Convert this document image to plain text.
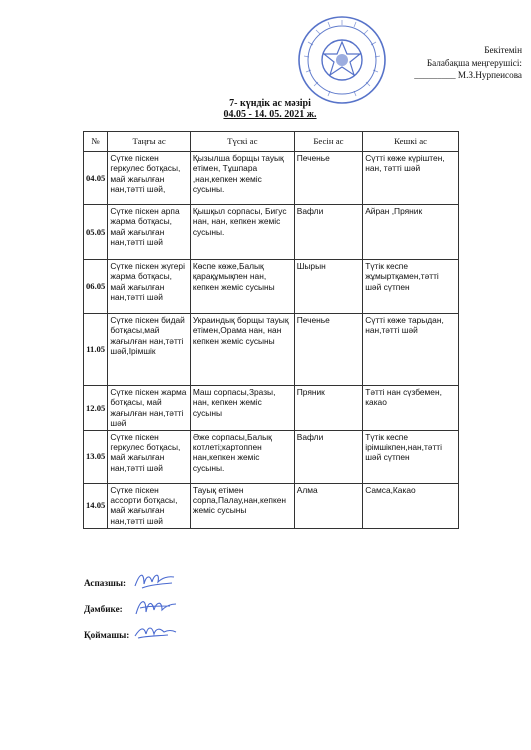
Бекітемін
Балабақша меңгерушісі:
_________ М.З.Нурпеисова
7- күндік ас мәзірі
04.05 - 14. 05. 2021 ж.
№	Таңғы ас	Түскі ас	Бесін ас	Кешкі ас
04.05	Сүтке піскен геркулес ботқасы, май жағылған нан,тәтті шәй,	Қызылша борщы тауық етімен, Тұшпара ,нан,кепкен жеміс сусыны.	Печенье	Сүтті көже күріштен, нан, тәтті шәй
05.05	Сүтке піскен арпа жарма ботқасы, май жағылған нан,тәтті шәй	Қышқыл сорпасы, Бигус нан, нан, кепкен жеміс сусыны.	Вафли	Айран ,Пряник
06.05	Сүтке піскен жүгері жарма ботқасы, май жағылған нан,тәтті шәй	Көспе көже,Балық қарақұмықпен нан, кепкен жеміс сусыны	Шырын	Түтік кеспе жұмыртқамен,тәтті шәй сүтпен
11.05	Сүтке піскен бидай ботқасы,май жағылған нан,тәтті шәй,Ірімшік	Украиндық борщы тауық етімен,Орама нан, нан кепкен жеміс сусыны	Печенье	Сүтті көже тарыдан, нан,тәтті шәй
12.05	Сүтке піскен жарма ботқасы, май жағылған нан,тәтті шәй	Маш сорпасы,Зразы, нан, кепкен жеміс сусыны	Пряник	Тәтті нан сүзбемен, какао
13.05	Сүтке піскен геркулес ботқасы, май жағылған нан,тәтті шәй	Әже сорпасы,Балық котлеті;картоппен нан,кепкен жеміс сусыны.	Вафли	Түтік кеспе ірімшікпен,нан,тәтті шәй сүтпен
14.05	Сүтке піскен ассорти ботқасы, май жағылған нан,тәтті шәй	Тауық етімен сорпа,Палау,нан,кепкен жеміс сусыны	Алма	Самса,Какао
Аспазшы:
Дәмбике:
Қоймашы:
